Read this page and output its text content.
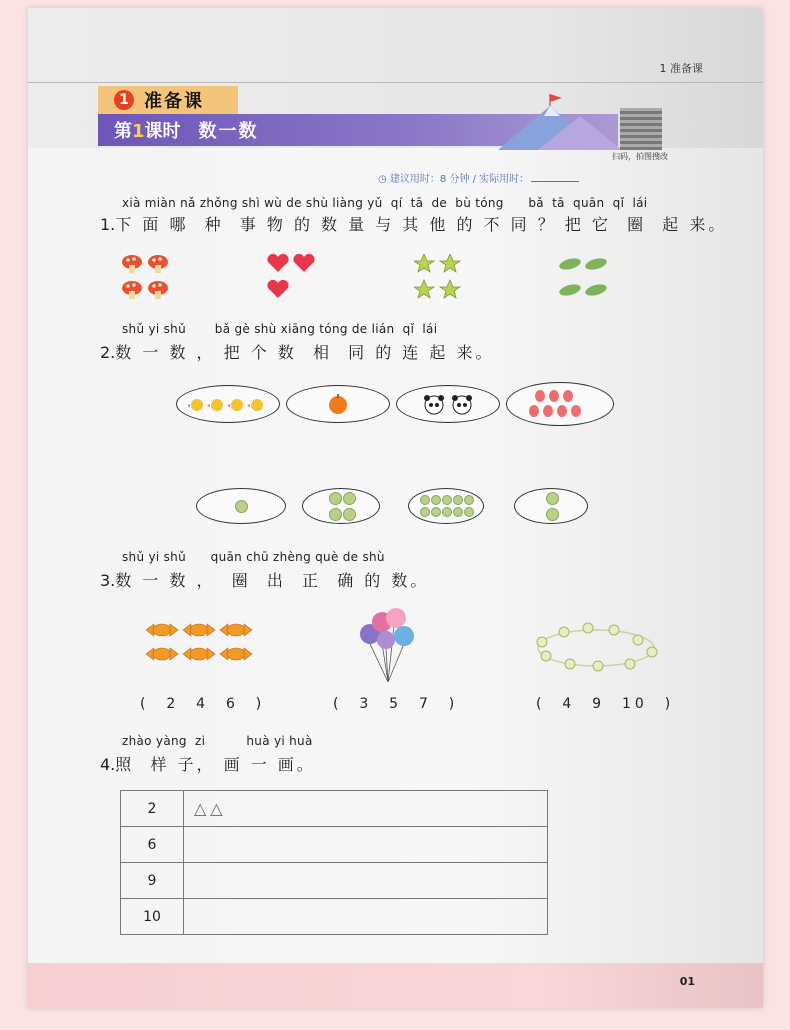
1 准备课
1 准备课
第1课时 数一数
扫码，拍图搜改
◷ 建议用时：8 分钟 / 实际用时：
xià miàn nǎ zhǒng shì wù de shù liàng yǔ  qí  tā  de  bù tóng      bǎ  tā  quān  qǐ  lái
1.下 面 哪  种  事 物 的 数 量 与 其 他 的 不 同 ？ 把 它  圈  起 来。
shǔ yi shǔ       bǎ gè shù xiāng tóng de lián  qǐ  lái
2.数 一 数 ， 把 个 数  相  同 的 连 起 来。
shǔ yi shǔ      quān chū zhèng què de shù
3.数 一 数 ，  圈  出  正  确 的 数。
(  2  4  6  )	(  3  5  7  )	(  4  9  10  )
zhào yàng  zi          huà yi huà
4.照  样 子， 画 一 画。
2	△△
6	
9	
10	
01
